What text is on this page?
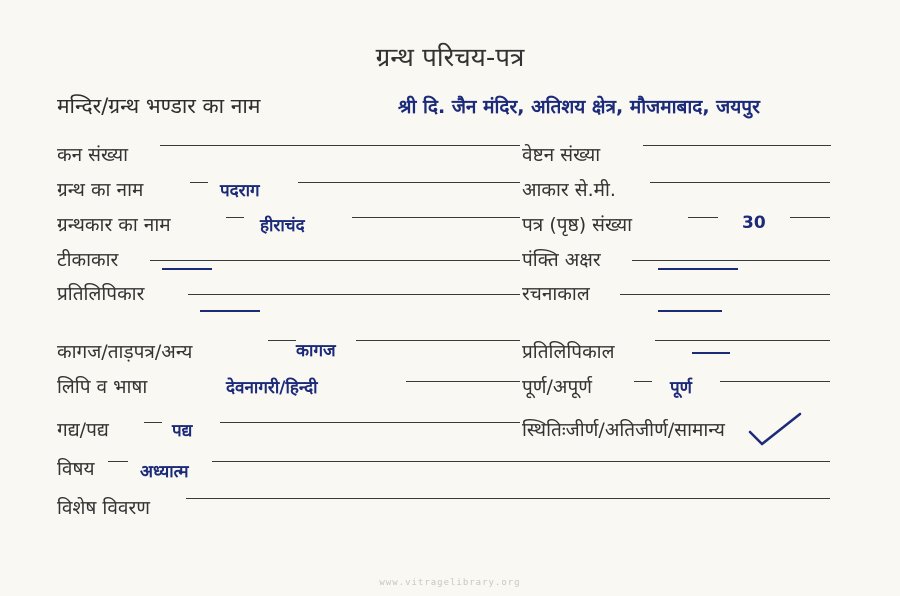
ग्रन्थ परिचय-पत्र
मन्दिर/ग्रन्थ भण्डार का नाम	श्री दि. जैन मंदिर, अतिशय क्षेत्र, मौजमाबाद, जयपुर
कन संख्या	वेष्टन संख्या
ग्रन्थ का नाम	पदराग	आकार से.मी.
ग्रन्थकार का नाम	हीराचंद	पत्र (पृष्ठ) संख्या	30
टीकाकार	पंक्ति अक्षर
प्रतिलिपिकार	रचनाकाल
कागज/ताड़पत्र/अन्य	कागज	प्रतिलिपिकाल
लिपि व भाषा	देवनागरी/हिन्दी	पूर्ण/अपूर्ण	पूर्ण
गद्य/पद्य	पद्य	स्थितिःजीर्ण/अतिजीर्ण/सामान्य
विषय	अध्यात्म
विशेष विवरण
www.vitragelibrary.org
